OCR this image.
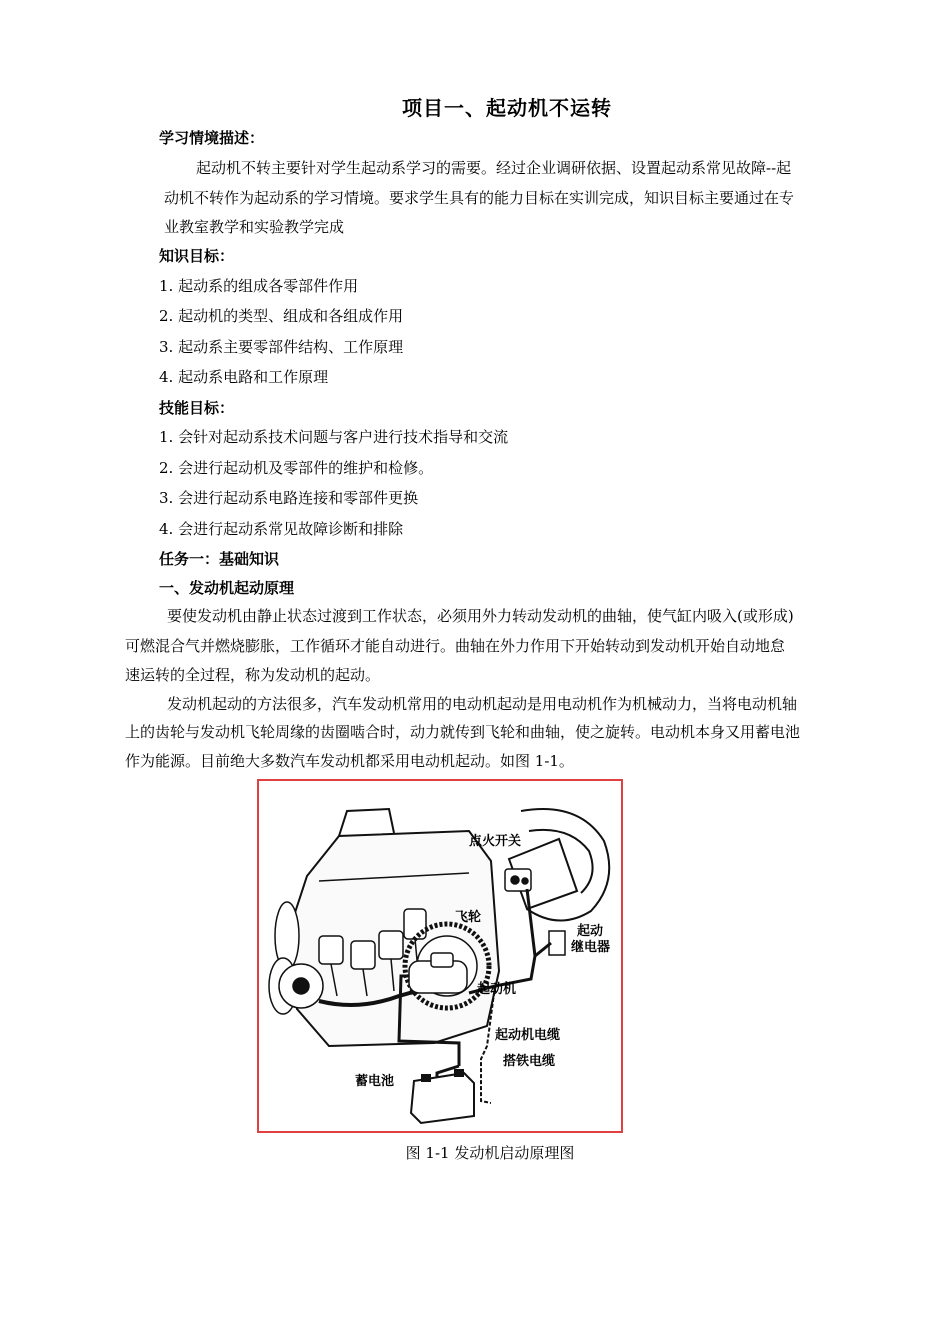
项目一、起动机不运转
学习情境描述：
起动机不转主要针对学生起动系学习的需要。经过企业调研依据、设置起动系常见故障--起
动机不转作为起动系的学习情境。要求学生具有的能力目标在实训完成，知识目标主要通过在专
业教室教学和实验教学完成
知识目标：
1. 起动系的组成各零部件作用
2. 起动机的类型、组成和各组成作用
3. 起动系主要零部件结构、工作原理
4. 起动系电路和工作原理
技能目标：
1. 会针对起动系技术问题与客户进行技术指导和交流
2. 会进行起动机及零部件的维护和检修。
3. 会进行起动系电路连接和零部件更换
4. 会进行起动系常见故障诊断和排除
任务一：基础知识
一、发动机起动原理
要使发动机由静止状态过渡到工作状态，必须用外力转动发动机的曲轴，使气缸内吸入(或形成)
可燃混合气并燃烧膨胀，工作循环才能自动进行。曲轴在外力作用下开始转动到发动机开始自动地怠
速运转的全过程，称为发动机的起动。
发动机起动的方法很多，汽车发动机常用的电动机起动是用电动机作为机械动力，当将电动机轴
上的齿轮与发动机飞轮周缘的齿圈啮合时，动力就传到飞轮和曲轴，使之旋转。电动机本身又用蓄电池
作为能源。目前绝大多数汽车发动机都采用电动机起动。如图 1-1。
点火开关
飞轮
起动
继电器
起动机
起动机电缆
搭铁电缆
蓄电池
图 1-1 发动机启动原理图
